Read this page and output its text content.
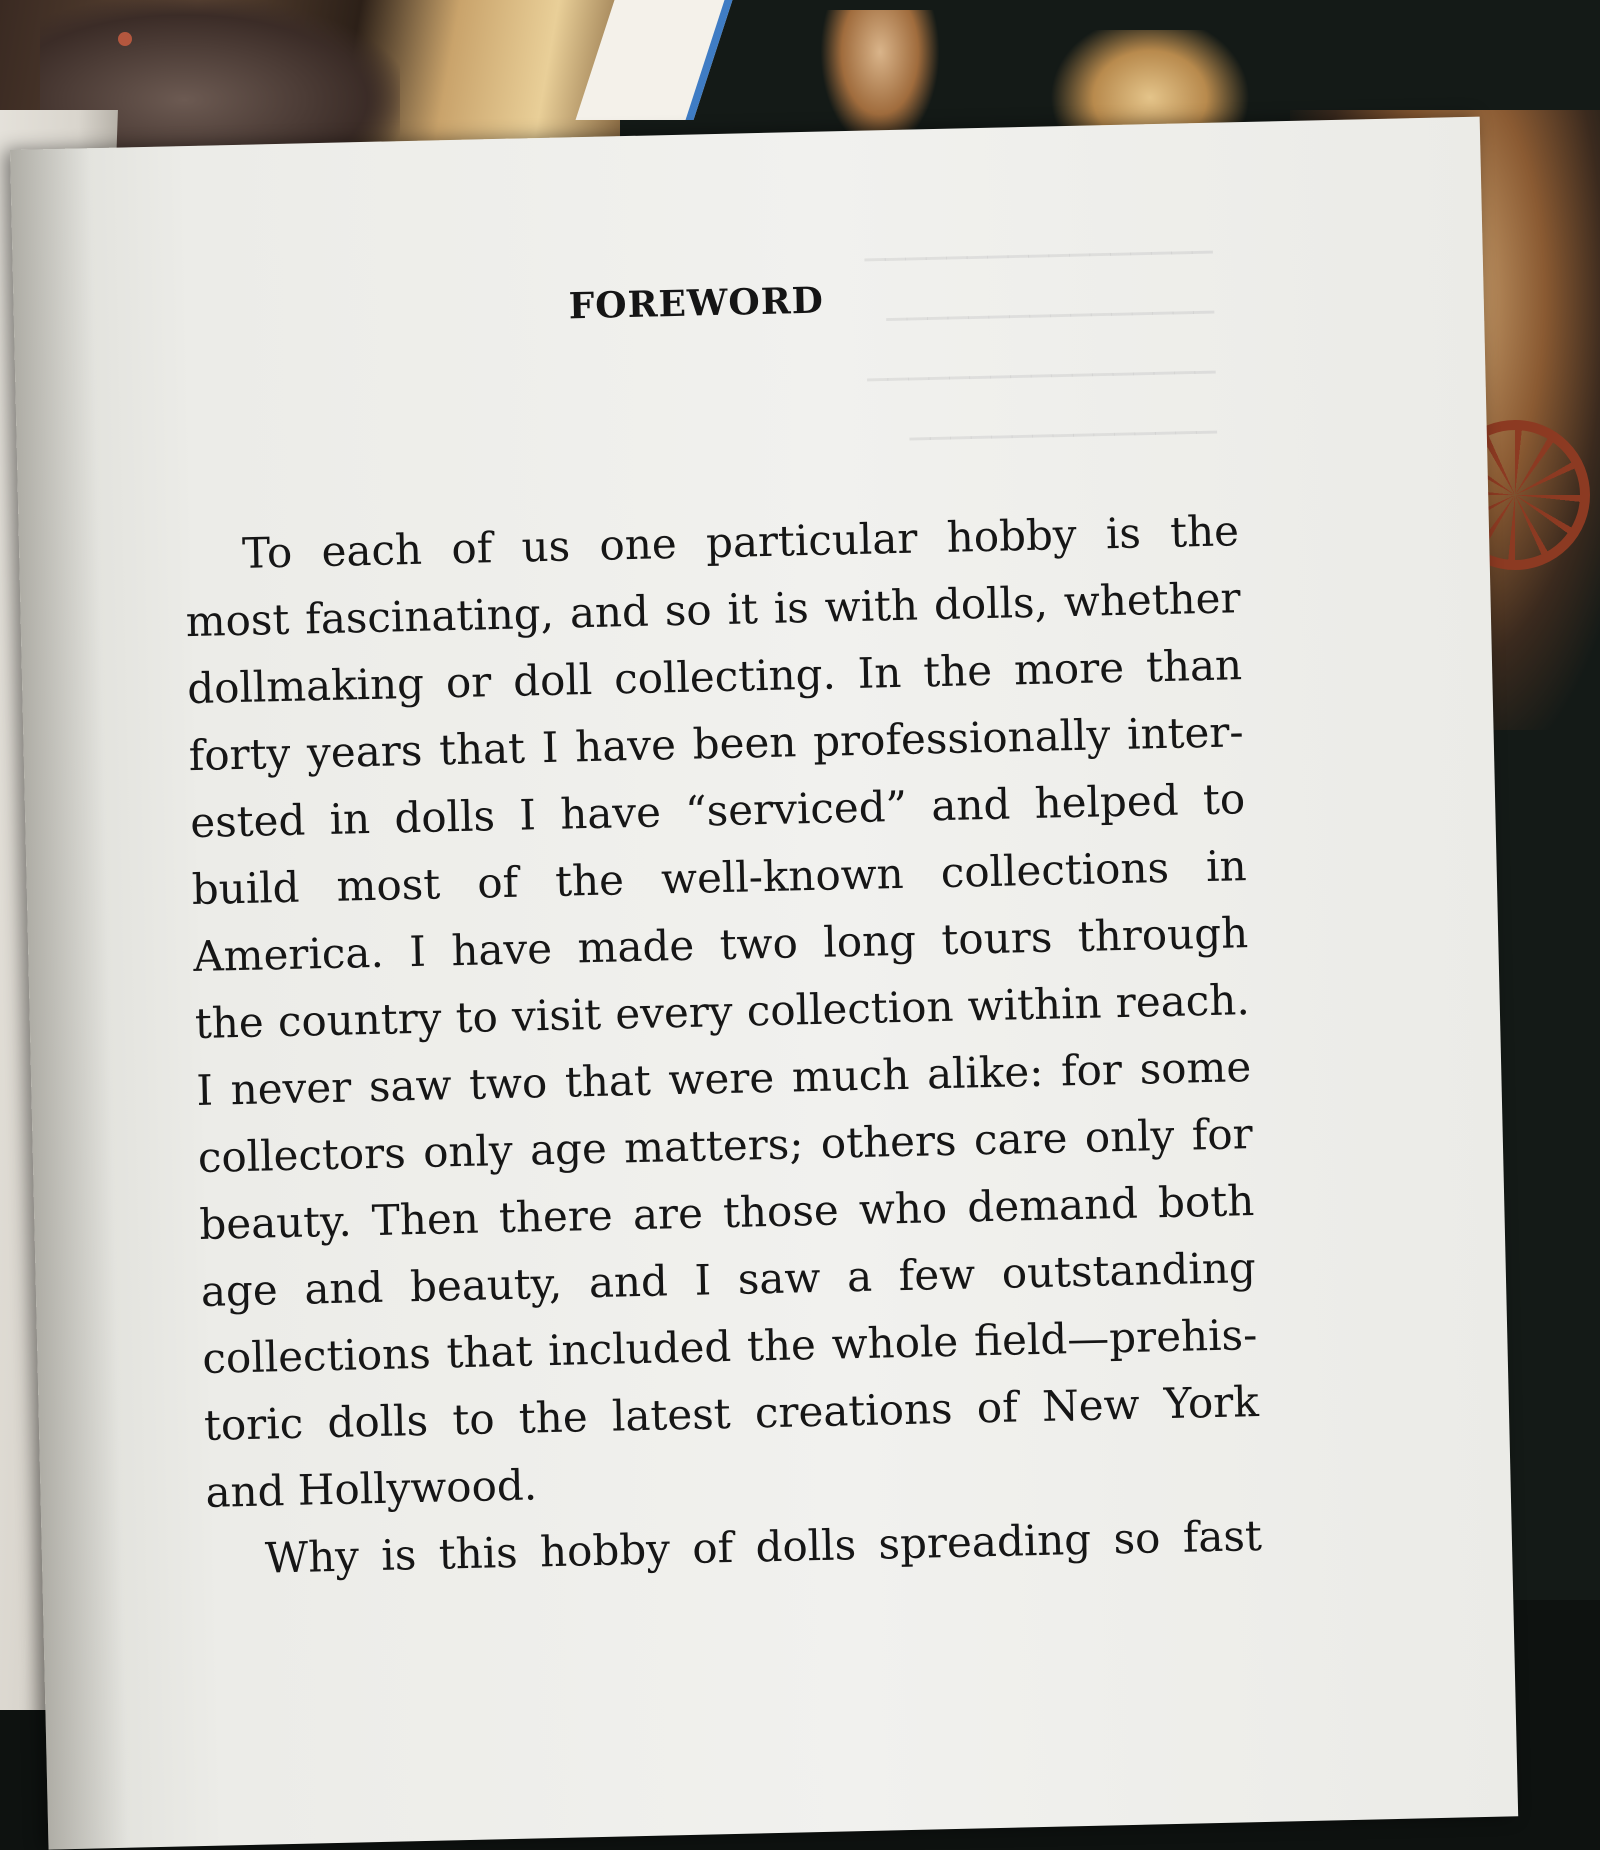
─────────────────
────────────────
─────────────────
───────────────
FOREWORD
To each of us one particular hobby is the
most fascinating, and so it is with dolls, whether
dollmaking or doll collecting. In the more than
forty years that I have been professionally inter-
ested in dolls I have “serviced” and helped to
build most of the well-known collections in
America. I have made two long tours through
the country to visit every collection within reach.
I never saw two that were much alike: for some
collectors only age matters; others care only for
beauty. Then there are those who demand both
age and beauty, and I saw a few outstanding
collections that included the whole field—prehis-
toric dolls to the latest creations of New York
and Hollywood.
Why is this hobby of dolls spreading so fast
